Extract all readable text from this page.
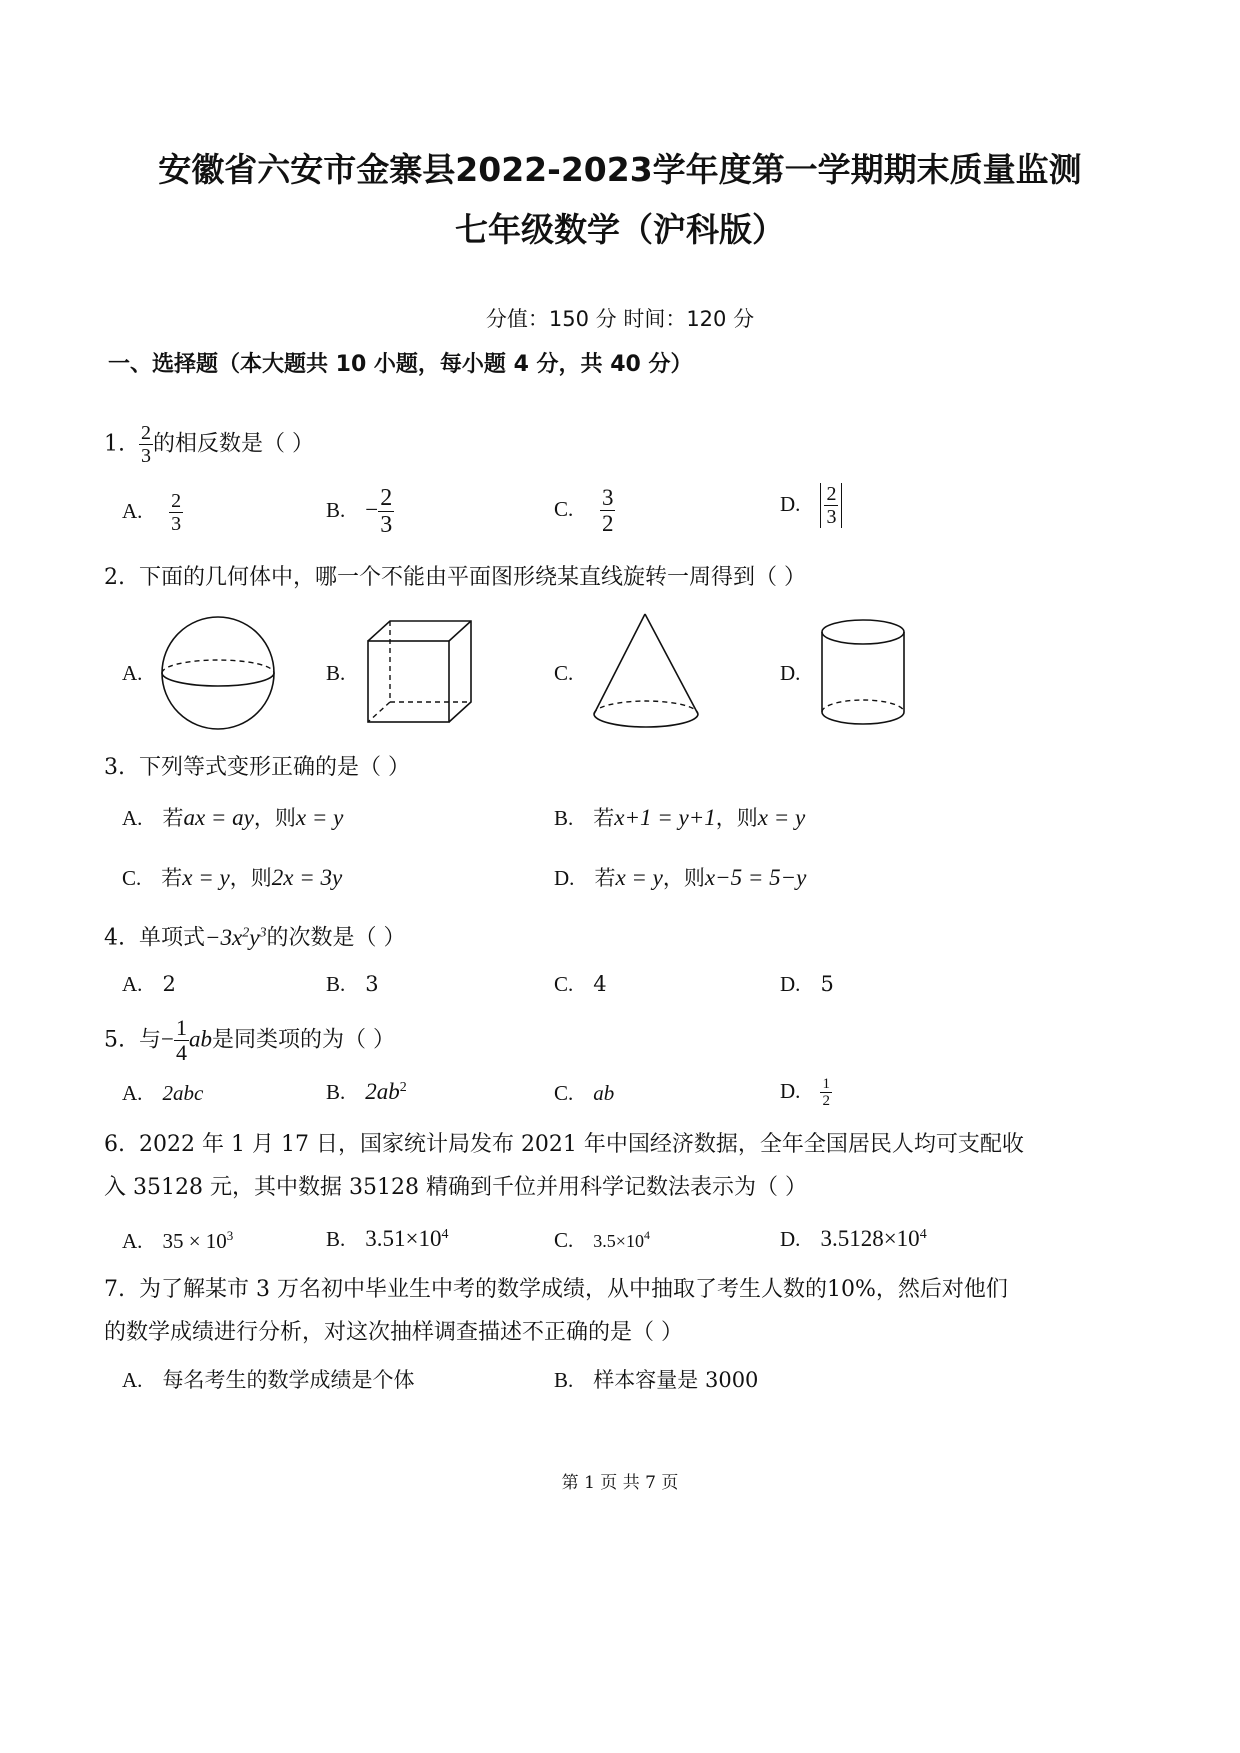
安徽省六安市金寨县2022-2023学年度第一学期期末质量监测
七年级数学（沪科版）
分值：150 分 时间：120 分
一、选择题（本大题共 10 小题，每小题 4 分，共 40 分）
1. $\frac{2}{3}$ 的相反数是（ ）
A. $\frac{2}{3}$	B. − $\frac{2}{3}$	C. $\frac{3}{2}$	D. $\frac{2}{3}$
2. 下面的几何体中，哪一个不能由平面图形绕某直线旋转一周得到（ ）
A.	B.	C.	D.
3. 下列等式变形正确的是（ ）
A. 若ax = ay，则x = y	B. 若x+1 = y+1，则x = y
C. 若x = y，则2x = 3y	D. 若x = y，则x−5 = 5−y
4. 单项式$-3x^2y^3$的次数是（ ）
A. 2	B. 3	C. 4	D. 5
5. 与− $\frac{1}{4}$ ab是同类项的为（ ）
A. 2abc	B. $2ab^2$	C. ab	D. $\frac{1}{2}$
6. 2022 年 1 月 17 日，国家统计局发布 2021 年中国经济数据，全年全国居民人均可支配收
入 35128 元，其中数据 35128 精确到千位并用科学记数法表示为（ ）
A. $35 \times 10^3$	B. $3.51\times 10^4$	C. $3.5\times 10^4$	D. $3.5128\times 10^4$
7. 为了解某市 3 万名初中毕业生中考的数学成绩，从中抽取了考生人数的10%，然后对他们
的数学成绩进行分析，对这次抽样调查描述不正确的是（ ）
A. 每名考生的数学成绩是个体	B. 样本容量是 3000
第 1 页 共 7 页
